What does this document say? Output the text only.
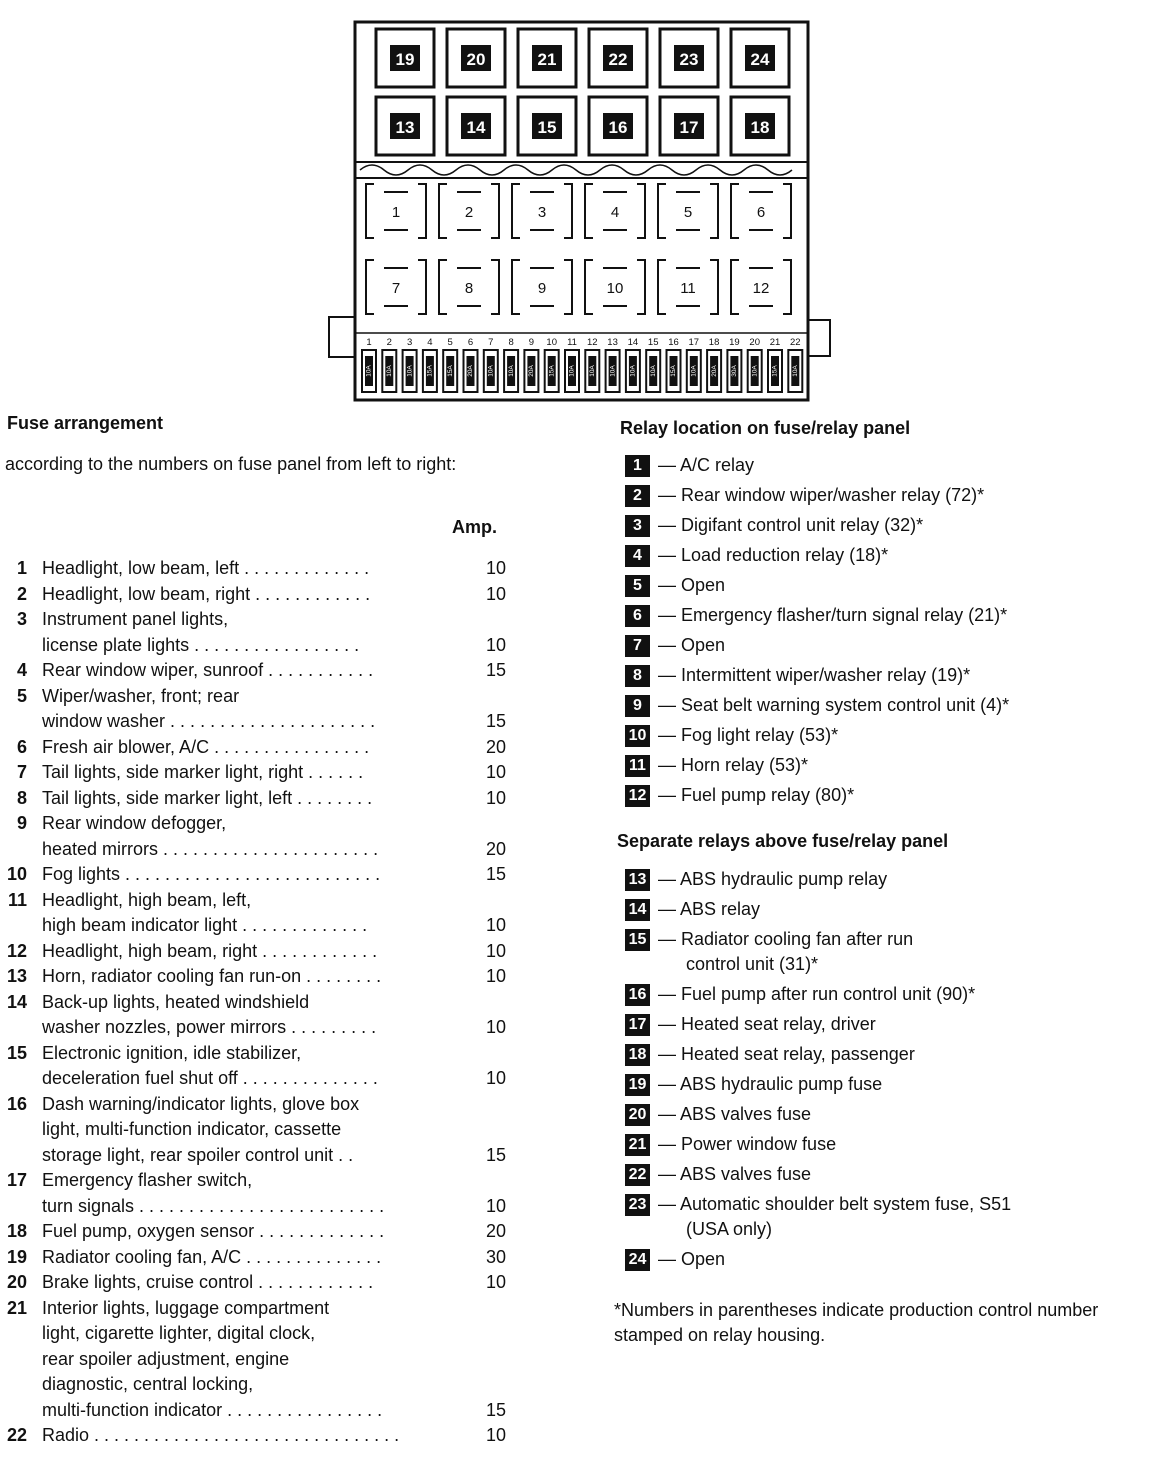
19	20	21	22	23	24
13	14	15	16	17	18
1	2	3	4	5	6
7	8	9	10	11	12
1
10A
2
10A
3
10A
4
15A
5
15A
6
20A
7
10A
8
10A
9
20A
10
15A
11
10A
12
10A
13
10A
14
10A
15
10A
16
15A
17
10A
18
20A
19
30A
20
10A
21
15A
22
10A
Fuse arrangement
according to the numbers on fuse panel from left to right:
Amp.
1 Headlight, low beam, left . . . . . . . . . . . . .	10
2 Headlight, low beam, right . . . . . . . . . . . .	10
3 Instrument panel lights,
license plate lights . . . . . . . . . . . . . . . . .	10
4 Rear window wiper, sunroof . . . . . . . . . . .	15
5 Wiper/washer, front; rear
window washer . . . . . . . . . . . . . . . . . . . . .	15
6 Fresh air blower, A/C . . . . . . . . . . . . . . . .	20
7 Tail lights, side marker light, right . . . . . .	10
8 Tail lights, side marker light, left . . . . . . . .	10
9 Rear window defogger,
heated mirrors . . . . . . . . . . . . . . . . . . . . . .	20
10 Fog lights . . . . . . . . . . . . . . . . . . . . . . . . . .	15
11 Headlight, high beam, left,
high beam indicator light . . . . . . . . . . . . .	10
12 Headlight, high beam, right . . . . . . . . . . . .	10
13 Horn, radiator cooling fan run-on . . . . . . . .	10
14 Back-up lights, heated windshield
washer nozzles, power mirrors . . . . . . . . .	10
15 Electronic ignition, idle stabilizer,
deceleration fuel shut off . . . . . . . . . . . . . .	10
16 Dash warning/indicator lights, glove box
light, multi-function indicator, cassette
storage light, rear spoiler control unit . .	15
17 Emergency flasher switch,
turn signals . . . . . . . . . . . . . . . . . . . . . . . . .	10
18 Fuel pump, oxygen sensor . . . . . . . . . . . . .	20
19 Radiator cooling fan, A/C . . . . . . . . . . . . . .	30
20 Brake lights, cruise control . . . . . . . . . . . .	10
21 Interior lights, luggage compartment
light, cigarette lighter, digital clock,
rear spoiler adjustment, engine
diagnostic, central locking,
multi-function indicator . . . . . . . . . . . . . . . .	15
22 Radio . . . . . . . . . . . . . . . . . . . . . . . . . . . . . . .	10
Relay location on fuse/relay panel
1 — A/C relay
2 — Rear window wiper/washer relay (72)*
3 — Digifant control unit relay (32)*
4 — Load reduction relay (18)*
5 — Open
6 — Emergency flasher/turn signal relay (21)*
7 — Open
8 — Intermittent wiper/washer relay (19)*
9 — Seat belt warning system control unit (4)*
10 — Fog light relay (53)*
11 — Horn relay (53)*
12 — Fuel pump relay (80)*
Separate relays above fuse/relay panel
13 — ABS hydraulic pump relay
14 — ABS relay
15 — Radiator cooling fan after run
control unit (31)*
16 — Fuel pump after run control unit (90)*
17 — Heated seat relay, driver
18 — Heated seat relay, passenger
19 — ABS hydraulic pump fuse
20 — ABS valves fuse
21 — Power window fuse
22 — ABS valves fuse
23 — Automatic shoulder belt system fuse, S51
(USA only)
24 — Open
*Numbers in parentheses indicate production control number stamped on relay housing.
